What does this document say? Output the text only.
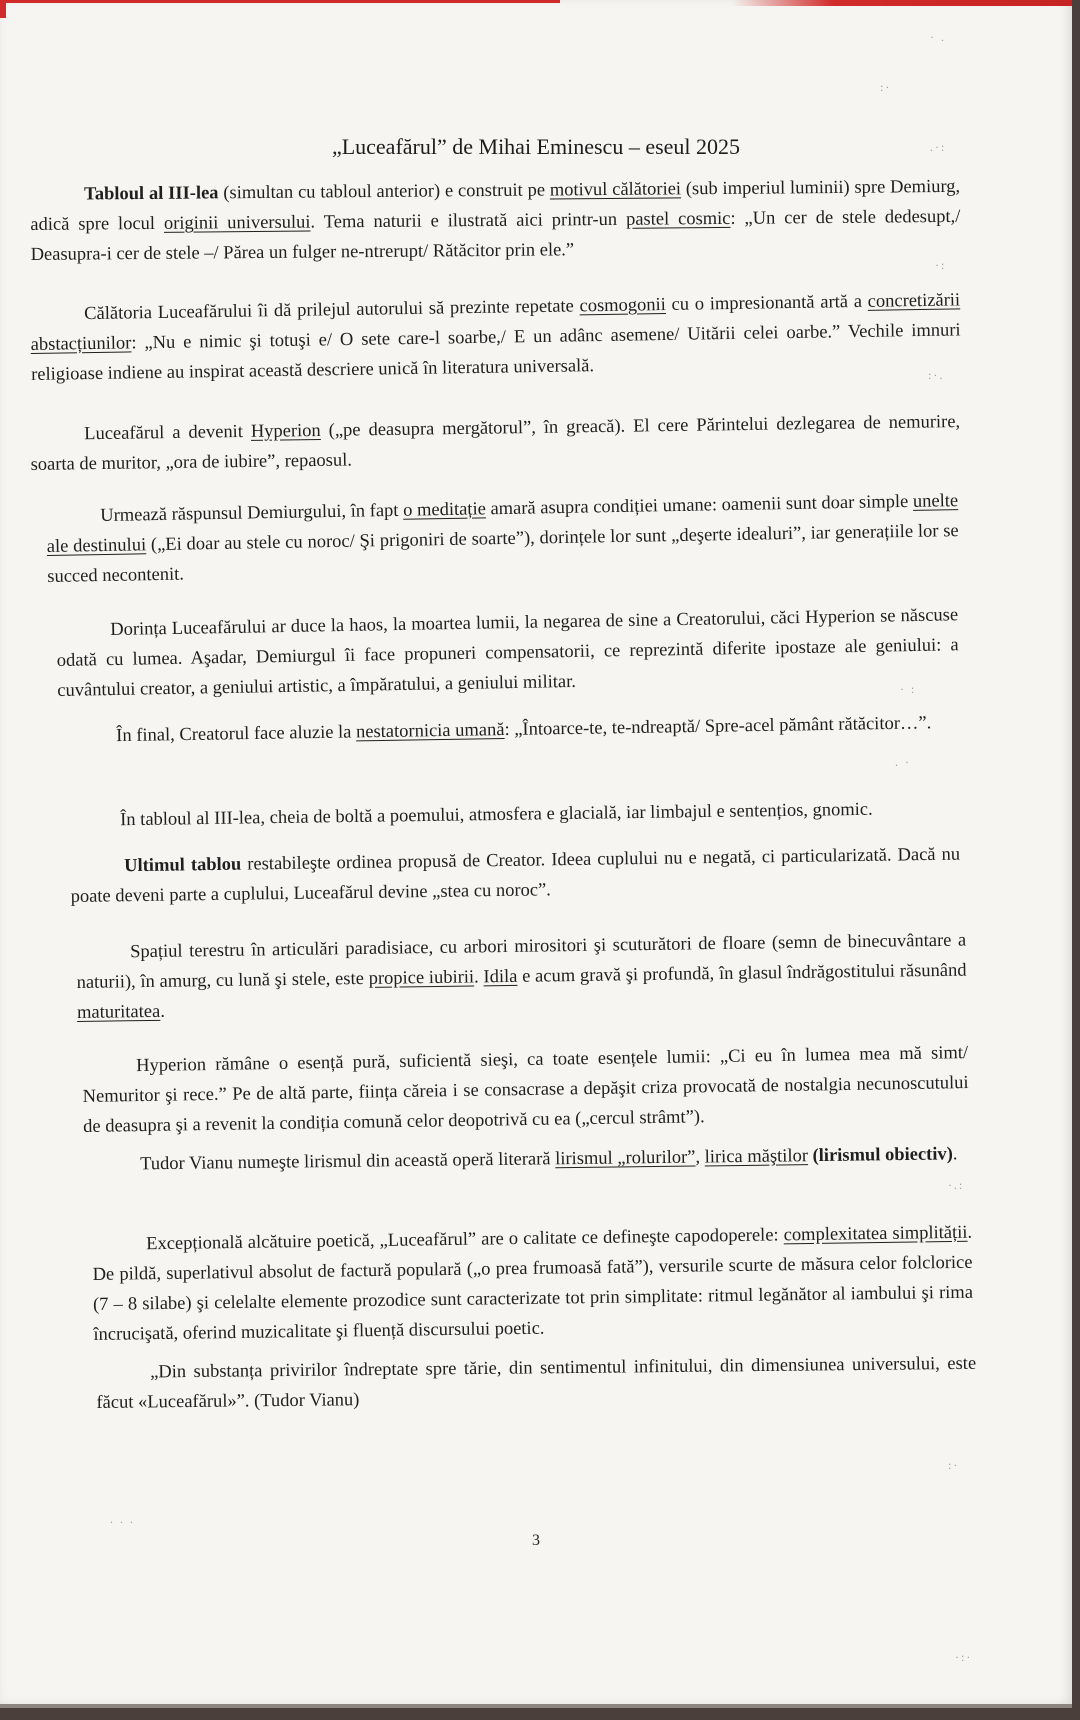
· .
:·
.·:
·:
:·.
· :
. ·
·.:
. . .
:·
·:·
„Luceafărul” de Mihai Eminescu – eseul 2025
Tabloul al III-lea (simultan cu tabloul anterior) e construit pe motivul călătoriei (sub imperiul luminii) spre Demiurg, adică spre locul originii universului. Tema naturii e ilustrată aici printr-un pastel cosmic: „Un cer de stele dedesupt,/ Deasupra-i cer de stele –/ Părea un fulger ne-ntrerupt/ Rătăcitor prin ele.”
Călătoria Luceafărului îi dă prilejul autorului să prezinte repetate cosmogonii cu o impresionantă artă a concretizării abstacțiunilor: „Nu e nimic şi totuşi e/ O sete care-l soarbe,/ E un adânc asemene/ Uitării celei oarbe.” Vechile imnuri religioase indiene au inspirat această descriere unică în literatura universală.
Luceafărul a devenit Hyperion („pe deasupra mergătorul”, în greacă). El cere Părintelui dezlegarea de nemurire, soarta de muritor, „ora de iubire”, repaosul.
Urmează răspunsul Demiurgului, în fapt o meditație amară asupra condiției umane: oamenii sunt doar simple unelte ale destinului („Ei doar au stele cu noroc/ Şi prigoniri de soarte”), dorințele lor sunt „deşerte idealuri”, iar generațiile lor se succed necontenit.
Dorința Luceafărului ar duce la haos, la moartea lumii, la negarea de sine a Creatorului, căci Hyperion se născuse odată cu lumea. Aşadar, Demiurgul îi face propuneri compensatorii, ce reprezintă diferite ipostaze ale geniului: a cuvântului creator, a geniului artistic, a împăratului, a geniului militar.
În final, Creatorul face aluzie la nestatornicia umană: „Întoarce-te, te-ndreaptă/ Spre-acel pământ rătăcitor…”.
În tabloul al III-lea, cheia de boltă a poemului, atmosfera e glacială, iar limbajul e sentențios, gnomic.
Ultimul tablou restabileşte ordinea propusă de Creator. Ideea cuplului nu e negată, ci particularizată. Dacă nu poate deveni parte a cuplului, Luceafărul devine „stea cu noroc”.
Spațiul terestru în articulări paradisiace, cu arbori mirositori şi scuturători de floare (semn de binecuvântare a naturii), în amurg, cu lună şi stele, este propice iubirii. Idila e acum gravă şi profundă, în glasul îndrăgostitului răsunând maturitatea.
Hyperion rămâne o esență pură, suficientă sieşi, ca toate esențele lumii: „Ci eu în lumea mea mă simt/ Nemuritor şi rece.” Pe de altă parte, ființa căreia i se consacrase a depăşit criza provocată de nostalgia necunoscutului de deasupra şi a revenit la condiția comună celor deopotrivă cu ea („cercul strâmt”).
Tudor Vianu numeşte lirismul din această operă literară lirismul „rolurilor”, lirica măştilor (lirismul obiectiv).
Excepțională alcătuire poetică, „Luceafărul” are o calitate ce defineşte capodoperele: complexitatea simplității. De pildă, superlativul absolut de factură populară („o prea frumoasă fată”), versurile scurte de măsura celor folclorice (7 – 8 silabe) şi celelalte elemente prozodice sunt caracterizate tot prin simplitate: ritmul legănător al iambului şi rima încrucişată, oferind muzicalitate şi fluență discursului poetic.
„Din substanța privirilor îndreptate spre tărie, din sentimentul infinitului, din dimensiunea universului, este făcut «Luceafărul»”. (Tudor Vianu)
3
